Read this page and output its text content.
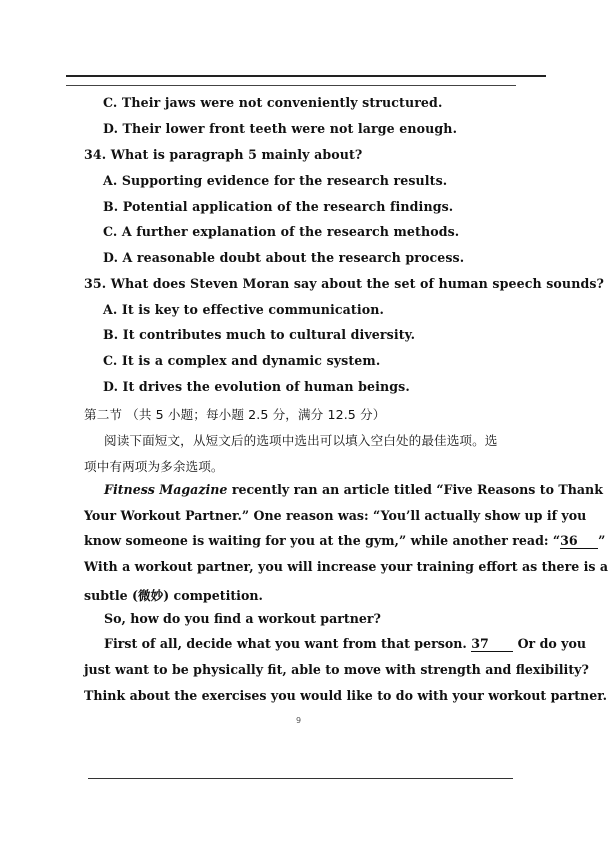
C. Their jaws were not conveniently structured.
D. Their lower front teeth were not large enough.
34. What is paragraph 5 mainly about?
A. Supporting evidence for the research results.
B. Potential application of the research findings.
C. A further explanation of the research methods.
D. A reasonable doubt about the research process.
35. What does Steven Moran say about the set of human speech sounds?
A. It is key to effective communication.
B. It contributes much to cultural diversity.
C. It is a complex and dynamic system.
D. It drives the evolution of human beings.
第二节 （共 5 小题；每小题 2.5 分，满分 12.5 分）
阅读下面短文，从短文后的选项中选出可以填入空白处的最佳选项。选
项中有两项为多余选项。
Fitness Magazine recently ran an article titled “Five Reasons to Thank
Your Workout Partner.” One reason was: “You’ll actually show up if you
know someone is waiting for you at the gym,” while another read: “36 ”
With a workout partner, you will increase your training effort as there is a
subtle (微妙) competition.
So, how do you find a workout partner?
First of all, decide what you want from that person. 37 Or do you
just want to be physically fit, able to move with strength and flexibility?
Think about the exercises you would like to do with your workout partner.
9
